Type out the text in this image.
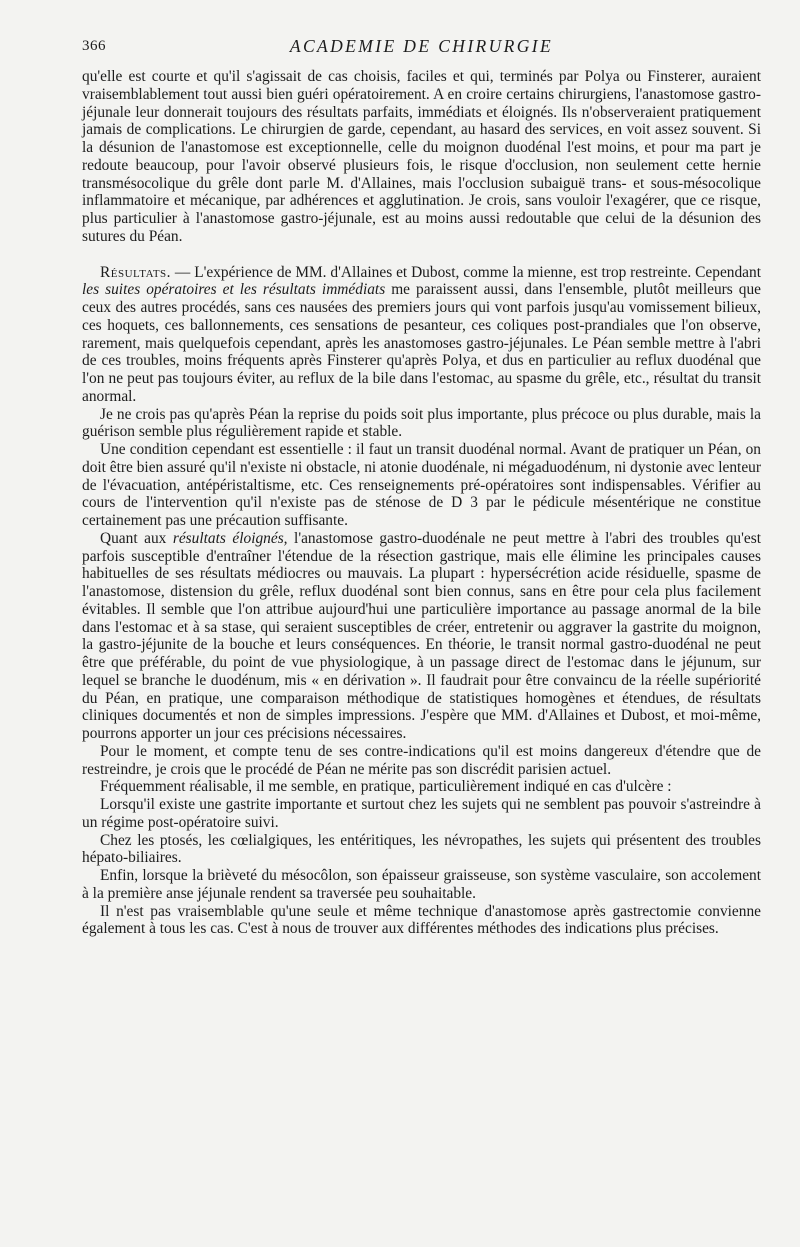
366	ACADEMIE DE CHIRURGIE

qu'elle est courte et qu'il s'agissait de cas choisis, faciles et qui, terminés par Polya ou Finsterer, auraient vraisemblablement tout aussi bien guéri opératoirement. A en croire certains chirurgiens, l'anastomose gastro-jéjunale leur donnerait toujours des résultats parfaits, immédiats et éloignés. Ils n'observeraient pratiquement jamais de complications. Le chirurgien de garde, cependant, au hasard des services, en voit assez souvent. Si la désunion de l'anastomose est exceptionnelle, celle du moignon duodénal l'est moins, et pour ma part je redoute beaucoup, pour l'avoir observé plusieurs fois, le risque d'occlusion, non seulement cette hernie transmésocolique du grêle dont parle M. d'Allaines, mais l'occlusion subaiguë trans- et sous-mésocolique inflammatoire et mécanique, par adhérences et agglutination. Je crois, sans vouloir l'exagérer, que ce risque, plus particulier à l'anastomose gastro-jéjunale, est au moins aussi redoutable que celui de la désunion des sutures du Péan.

Résultats. — L'expérience de MM. d'Allaines et Dubost, comme la mienne, est trop restreinte. Cependant les suites opératoires et les résultats immédiats me paraissent aussi, dans l'ensemble, plutôt meilleurs que ceux des autres procédés, sans ces nausées des premiers jours qui vont parfois jusqu'au vomissement bilieux, ces hoquets, ces ballonnements, ces sensations de pesanteur, ces coliques post-prandiales que l'on observe, rarement, mais quelquefois cependant, après les anastomoses gastro-jéjunales. Le Péan semble mettre à l'abri de ces troubles, moins fréquents après Finsterer qu'après Polya, et dus en particulier au reflux duodénal que l'on ne peut pas toujours éviter, au reflux de la bile dans l'estomac, au spasme du grêle, etc., résultat du transit anormal.

Je ne crois pas qu'après Péan la reprise du poids soit plus importante, plus précoce ou plus durable, mais la guérison semble plus régulièrement rapide et stable.

Une condition cependant est essentielle : il faut un transit duodénal normal. Avant de pratiquer un Péan, on doit être bien assuré qu'il n'existe ni obstacle, ni atonie duodénale, ni mégaduodénum, ni dystonie avec lenteur de l'évacuation, antépéristaltisme, etc. Ces renseignements pré-opératoires sont indispensables. Vérifier au cours de l'intervention qu'il n'existe pas de sténose de D 3 par le pédicule mésentérique ne constitue certainement pas une précaution suffisante.

Quant aux résultats éloignés, l'anastomose gastro-duodénale ne peut mettre à l'abri des troubles qu'est parfois susceptible d'entraîner l'étendue de la résection gastrique, mais elle élimine les principales causes habituelles de ses résultats médiocres ou mauvais. La plupart : hypersécrétion acide résiduelle, spasme de l'anastomose, distension du grêle, reflux duodénal sont bien connus, sans en être pour cela plus facilement évitables. Il semble que l'on attribue aujourd'hui une particulière importance au passage anormal de la bile dans l'estomac et à sa stase, qui seraient susceptibles de créer, entretenir ou aggraver la gastrite du moignon, la gastro-jéjunite de la bouche et leurs conséquences. En théorie, le transit normal gastro-duodénal ne peut être que préférable, du point de vue physiologique, à un passage direct de l'estomac dans le jéjunum, sur lequel se branche le duodénum, mis « en dérivation ». Il faudrait pour être convaincu de la réelle supériorité du Péan, en pratique, une comparaison méthodique de statistiques homogènes et étendues, de résultats cliniques documentés et non de simples impressions. J'espère que MM. d'Allaines et Dubost, et moi-même, pourrons apporter un jour ces précisions nécessaires.

Pour le moment, et compte tenu de ses contre-indications qu'il est moins dangereux d'étendre que de restreindre, je crois que le procédé de Péan ne mérite pas son discrédit parisien actuel.

Fréquemment réalisable, il me semble, en pratique, particulièrement indiqué en cas d'ulcère :

Lorsqu'il existe une gastrite importante et surtout chez les sujets qui ne semblent pas pouvoir s'astreindre à un régime post-opératoire suivi.

Chez les ptosés, les cœlialgiques, les entéritiques, les névropathes, les sujets qui présentent des troubles hépato-biliaires.

Enfin, lorsque la brièveté du mésocôlon, son épaisseur graisseuse, son système vasculaire, son accolement à la première anse jéjunale rendent sa traversée peu souhaitable.

Il n'est pas vraisemblable qu'une seule et même technique d'anastomose après gastrectomie convienne également à tous les cas. C'est à nous de trouver aux différentes méthodes des indications plus précises.
